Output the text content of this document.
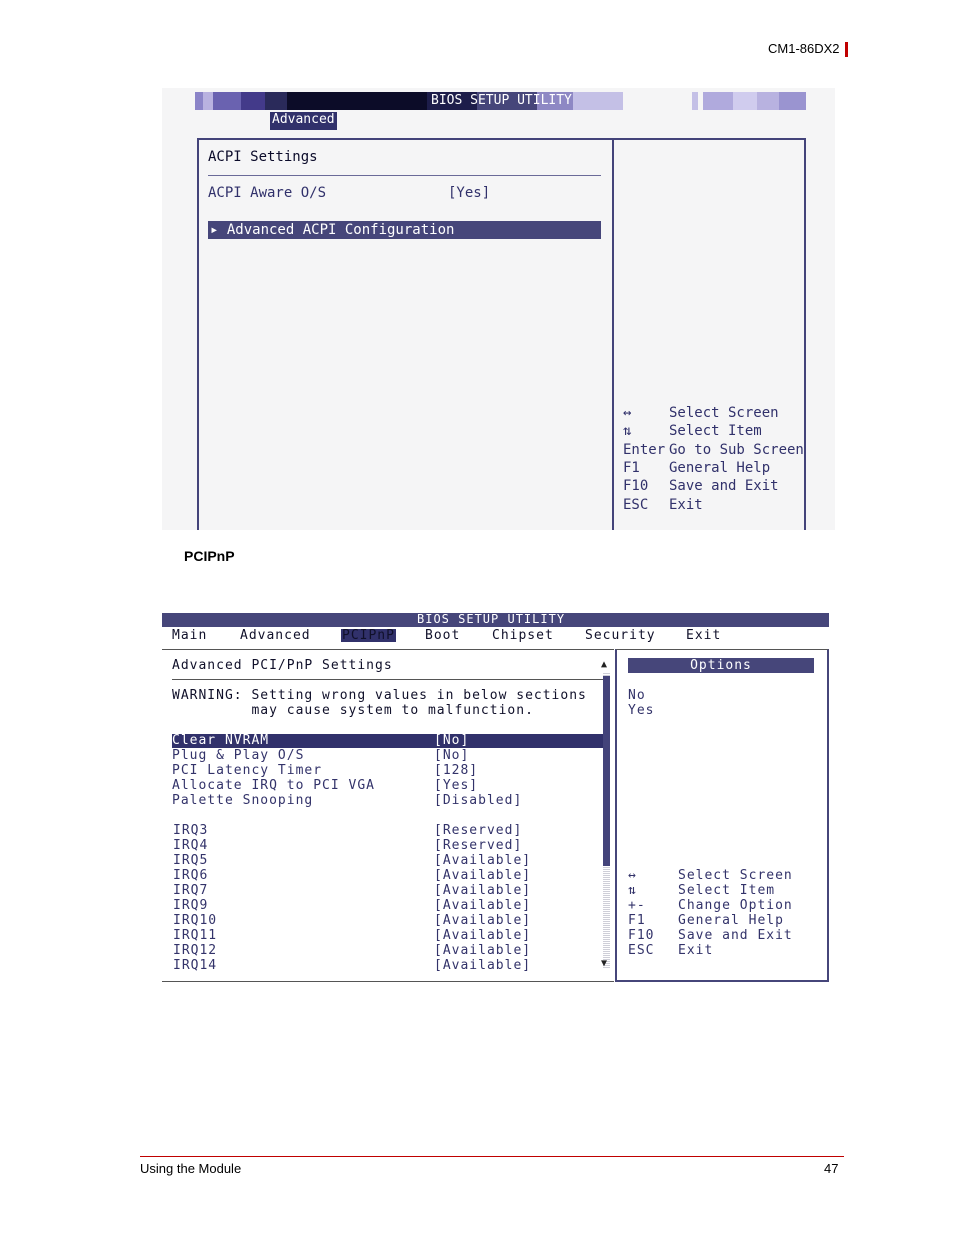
CM1-86DX2
BIOS SETUP UTILITY
Advanced
ACPI Settings
ACPI Aware O/S	[Yes]
▸ Advanced ACPI Configuration
↔	Select Screen
⇅	Select Item
Enter Go to Sub Screen
F1 General Help
F10 Save and Exit
ESC Exit
PCIPnP
BIOS SETUP UTILITY
Main	Advanced PCIPnP Boot Chipset Security Exit
Options
No
Yes
Advanced PCI/PnP Settings
WARNING: Setting wrong values in below sections
may cause system to malfunction.
▲
▼
Clear NVRAM	[No]
Plug & Play O/S	[No]
PCI Latency Timer	[128]
Allocate IRQ to PCI VGA	[Yes]
Palette Snooping	[Disabled]
IRQ3	[Reserved]
IRQ4	[Reserved]
IRQ5	[Available]
IRQ6	[Available]
IRQ7	[Available]
IRQ9	[Available]
IRQ10	[Available]
IRQ11	[Available]
IRQ12	[Available]
IRQ14	[Available]
↔	Select Screen
⇅	Select Item
+- Change Option
F1 General Help
F10 Save and Exit
ESC Exit
Using the Module	47
